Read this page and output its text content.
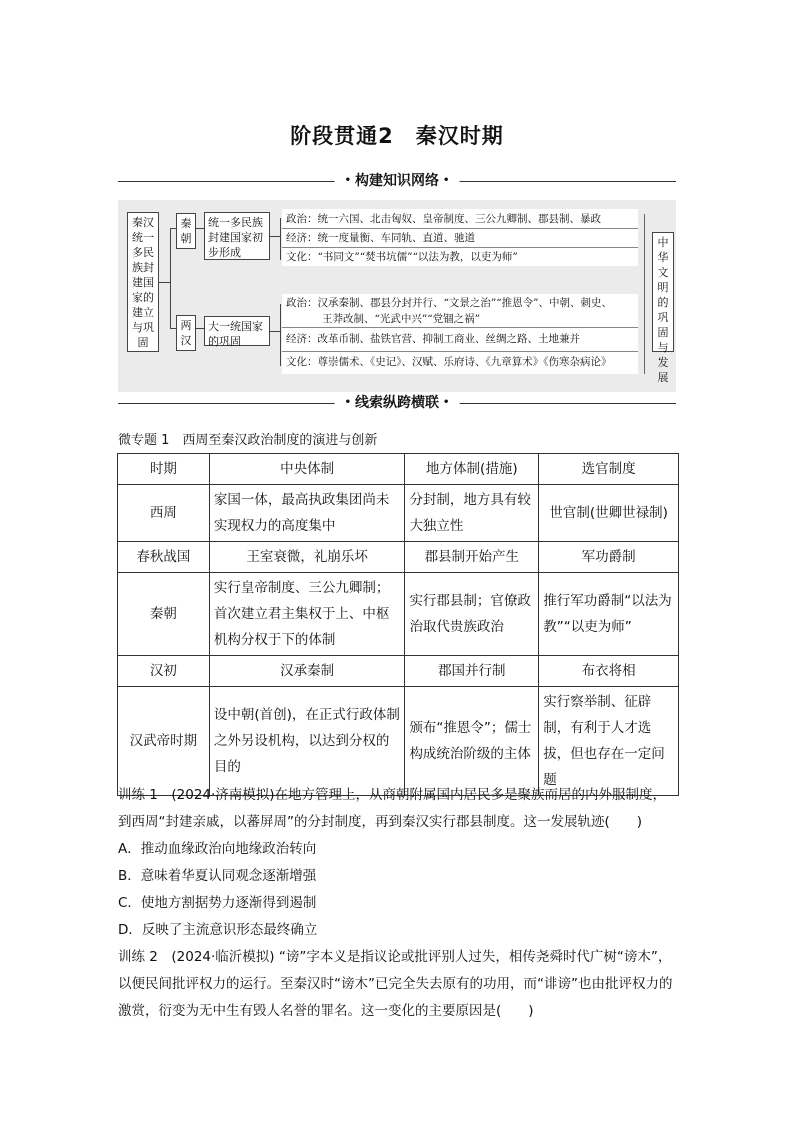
阶段贯通2　秦汉时期
• 构建知识网络 •
秦汉统一多民族封建国家的建立与巩固
秦朝
统一多民族封建国家初步形成
两汉
大一统国家的巩固
政治：统一六国、北击匈奴、皇帝制度、三公九卿制、郡县制、暴政
经济：统一度量衡、车同轨、直道、驰道
文化：“书同文”“焚书坑儒”“以法为教，以吏为师”
政治：汉承秦制、郡县分封并行、“文景之治”“推恩令”、中朝、刺史、
王莽改制、“光武中兴”“党锢之祸”
经济：改革币制、盐铁官营、抑制工商业、丝绸之路、土地兼并
文化：尊崇儒术、《史记》、汉赋、乐府诗、《九章算术》《伤寒杂病论》
中华文明的巩固与发展
• 线索纵跨横联 •
微专题 1　西周至秦汉政治制度的演进与创新
时期	中央体制	地方体制(措施)	选官制度
西周	家国一体，最高执政集团尚未实现权力的高度集中	分封制，地方具有较大独立性	世官制(世卿世禄制)
春秋战国	王室衰微，礼崩乐坏	郡县制开始产生	军功爵制
秦朝	实行皇帝制度、三公九卿制；首次建立君主集权于上、中枢机构分权于下的体制	实行郡县制；官僚政治取代贵族政治	推行军功爵制“以法为教”“以吏为师”
汉初	汉承秦制	郡国并行制	布衣将相
汉武帝时期	设中朝(首创)，在正式行政体制之外另设机构，以达到分权的目的	颁布“推恩令”；儒士构成统治阶级的主体	实行察举制、征辟制，有利于人才选拔，但也存在一定问题
训练 1　(2024·济南模拟)在地方管理上，从商朝附属国内居民多是聚族而居的内外服制度，到西周“封建亲戚，以蕃屏周”的分封制度，再到秦汉实行郡县制度。这一发展轨迹(　　)
A．推动血缘政治向地缘政治转向
B．意味着华夏认同观念逐渐增强
C．使地方割据势力逐渐得到遏制
D．反映了主流意识形态最终确立
训练 2　(2024·临沂模拟) “谤”字本义是指议论或批评别人过失，相传尧舜时代广树“谤木”，以便民间批评权力的运行。至秦汉时“谤木”已完全失去原有的功用，而“诽谤”也由批评权力的激赏，衍变为无中生有毁人名誉的罪名。这一变化的主要原因是(　　)
